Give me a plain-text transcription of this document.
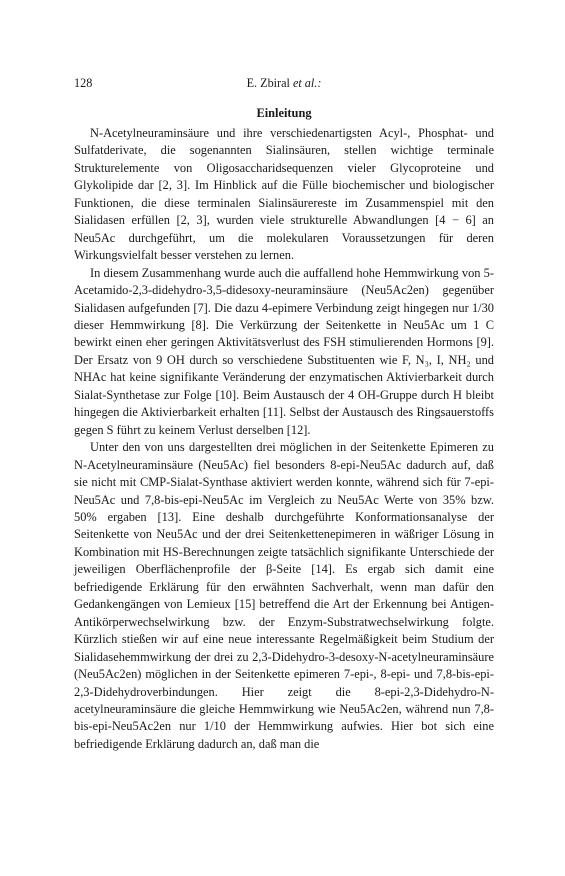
128	E. Zbiral et al.:
Einleitung

N-Acetylneuraminsäure und ihre verschiedenartigsten Acyl-, Phosphat- und Sulfatderivate, die sogenannten Sialinsäuren, stellen wichtige terminale Strukturelemente von Oligosaccharidsequenzen vieler Glycoproteine und Glykolipide dar [2, 3]. Im Hinblick auf die Fülle biochemischer und biologischer Funktionen, die diese terminalen Sialinsäurereste im Zusammenspiel mit den Sialidasen erfüllen [2, 3], wurden viele strukturelle Abwandlungen [4 − 6] an Neu5Ac durchgeführt, um die molekularen Voraussetzungen für deren Wirkungsvielfalt besser verstehen zu lernen.

In diesem Zusammenhang wurde auch die auffallend hohe Hemmwirkung von 5-Acetamido-2,3-didehydro-3,5-didesoxy-neuraminsäure (Neu5Ac2en) gegenüber Sialidasen aufgefunden [7]. Die dazu 4-epimere Verbindung zeigt hingegen nur 1/30 dieser Hemmwirkung [8]. Die Verkürzung der Seitenkette in Neu5Ac um 1 C bewirkt einen eher geringen Aktivitätsverlust des FSH stimulierenden Hormons [9]. Der Ersatz von 9 OH durch so verschiedene Substituenten wie F, N₃, I, NH₂ und NHAc hat keine signifikante Veränderung der enzymatischen Aktivierbarkeit durch Sialat-Synthetase zur Folge [10]. Beim Austausch der 4 OH-Gruppe durch H bleibt hingegen die Aktivierbarkeit erhalten [11]. Selbst der Austausch des Ringsauerstoffs gegen S führt zu keinem Verlust derselben [12].

Unter den von uns dargestellten drei möglichen in der Seitenkette Epimeren zu N-Acetylneuraminsäure (Neu5Ac) fiel besonders 8-epi-Neu5Ac dadurch auf, daß sie nicht mit CMP-Sialat-Synthase aktiviert werden konnte, während sich für 7-epi-Neu5Ac und 7,8-bis-epi-Neu5Ac im Vergleich zu Neu5Ac Werte von 35% bzw. 50% ergaben [13]. Eine deshalb durchgeführte Konformationsanalyse der Seitenkette von Neu5Ac und der drei Seitenkettenepimeren in wäßriger Lösung in Kombination mit HS-Berechnungen zeigte tatsächlich signifikante Unterschiede der jeweiligen Oberflächenprofile der β-Seite [14]. Es ergab sich damit eine befriedigende Erklärung für den erwähnten Sachverhalt, wenn man dafür den Gedankengängen von Lemieux [15] betreffend die Art der Erkennung bei Antigen-Antikörperwechselwirkung bzw. der Enzym-Substratwechselwirkung folgte. Kürzlich stießen wir auf eine neue interessante Regelmäßigkeit beim Studium der Sialidasehemmwirkung der drei zu 2,3-Didehydro-3-desoxy-N-acetylneuraminsäure (Neu5Ac2en) möglichen in der Seitenkette epimeren 7-epi-, 8-epi- und 7,8-bis-epi-2,3-Didehydroverbindungen. Hier zeigt die 8-epi-2,3-Didehydro-N-acetylneuraminsäure die gleiche Hemmwirkung wie Neu5Ac2en, während nun 7,8-bis-epi-Neu5Ac2en nur 1/10 der Hemmwirkung aufwies. Hier bot sich eine befriedigende Erklärung dadurch an, daß man die
